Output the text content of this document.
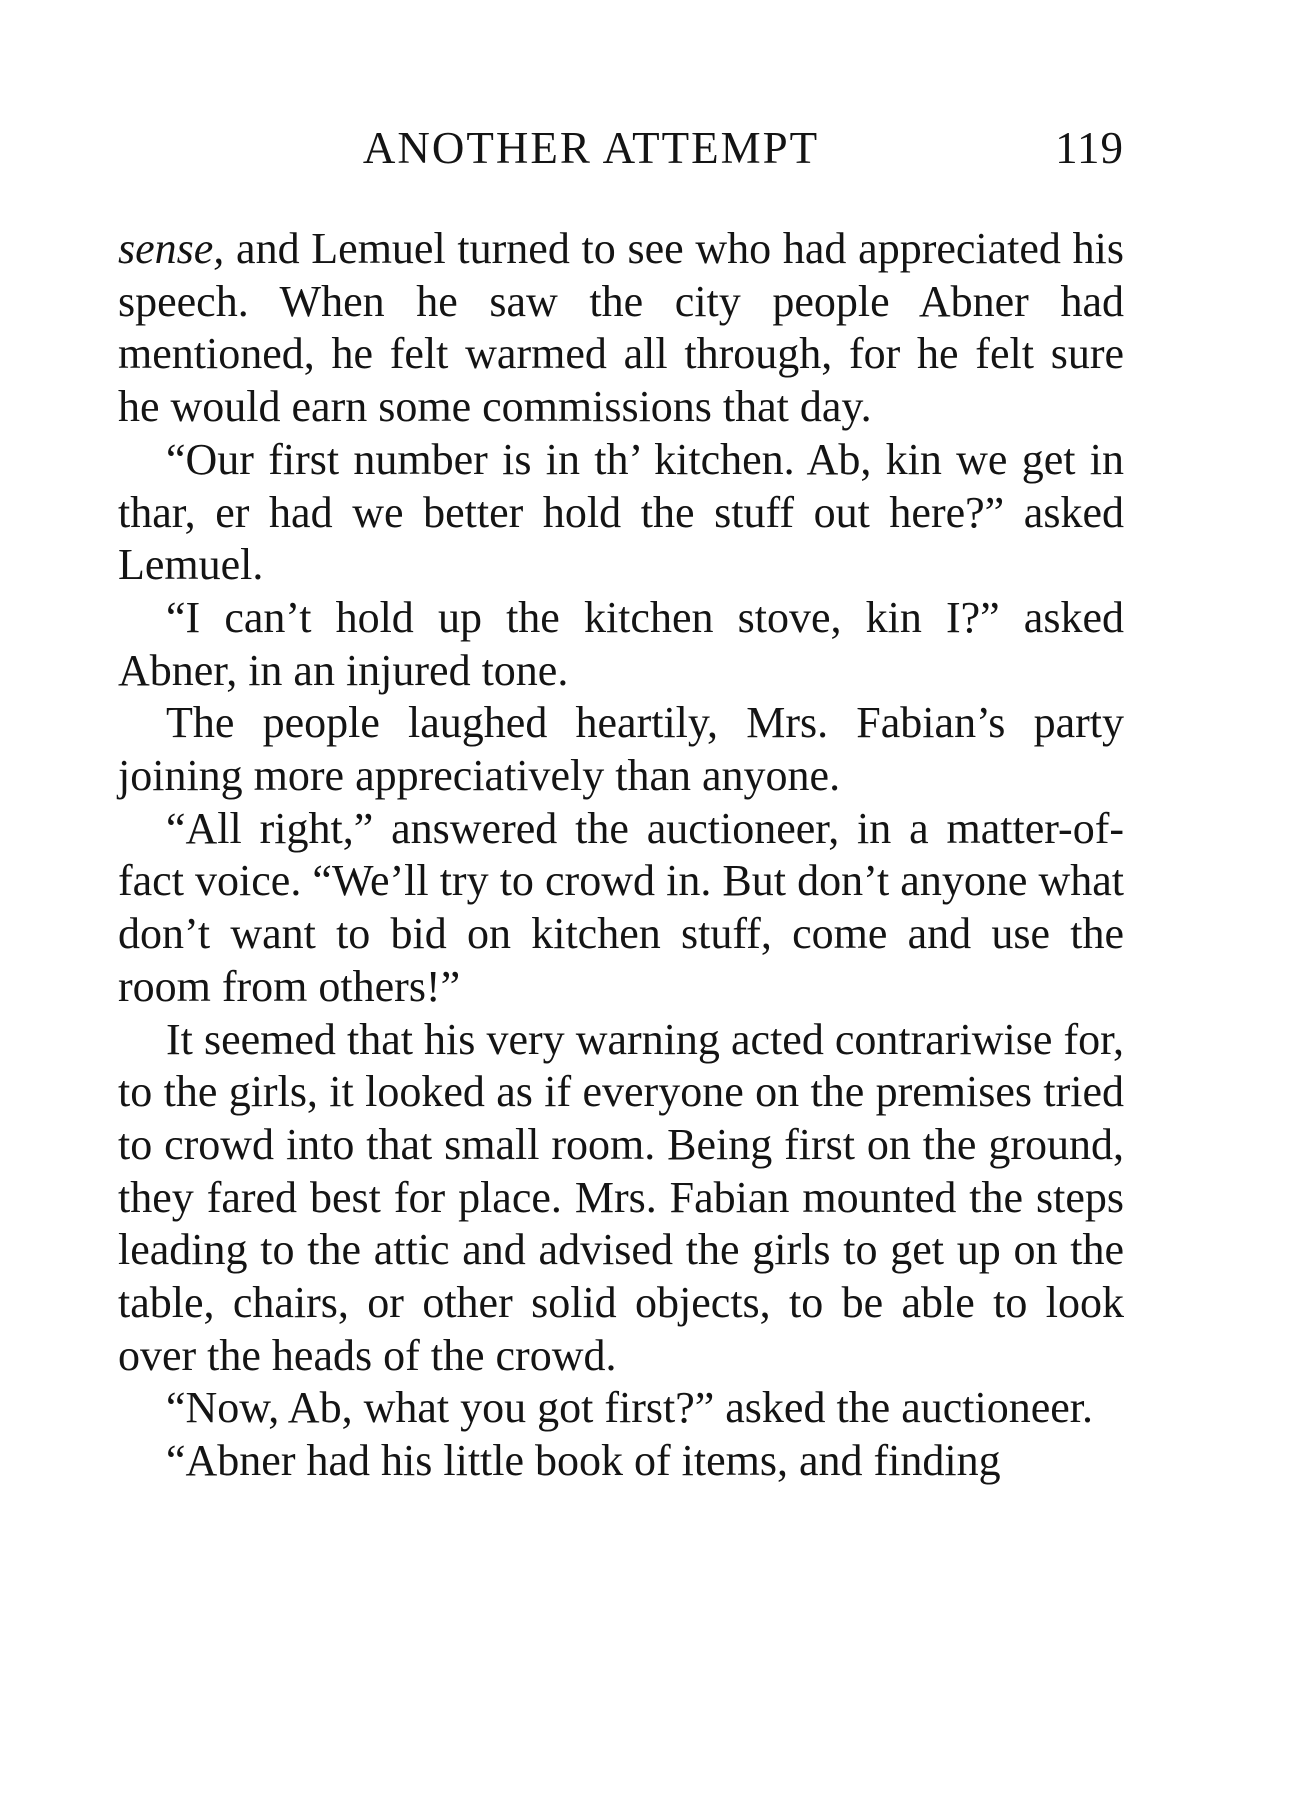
ANOTHER ATTEMPT	119

sense, and Lemuel turned to see who had appreciated his speech. When he saw the city people Abner had mentioned, he felt warmed all through, for he felt sure he would earn some commissions that day.

“Our first number is in th’ kitchen. Ab, kin we get in thar, er had we better hold the stuff out here?” asked Lemuel.

“I can’t hold up the kitchen stove, kin I?” asked Abner, in an injured tone.

The people laughed heartily, Mrs. Fabian’s party joining more appreciatively than anyone.

“All right,” answered the auctioneer, in a matter-of-fact voice. “We’ll try to crowd in. But don’t anyone what don’t want to bid on kitchen stuff, come and use the room from others!”

It seemed that his very warning acted contrariwise for, to the girls, it looked as if everyone on the premises tried to crowd into that small room. Being first on the ground, they fared best for place. Mrs. Fabian mounted the steps leading to the attic and advised the girls to get up on the table, chairs, or other solid objects, to be able to look over the heads of the crowd.

“Now, Ab, what you got first?” asked the auctioneer.

“Abner had his little book of items, and finding
